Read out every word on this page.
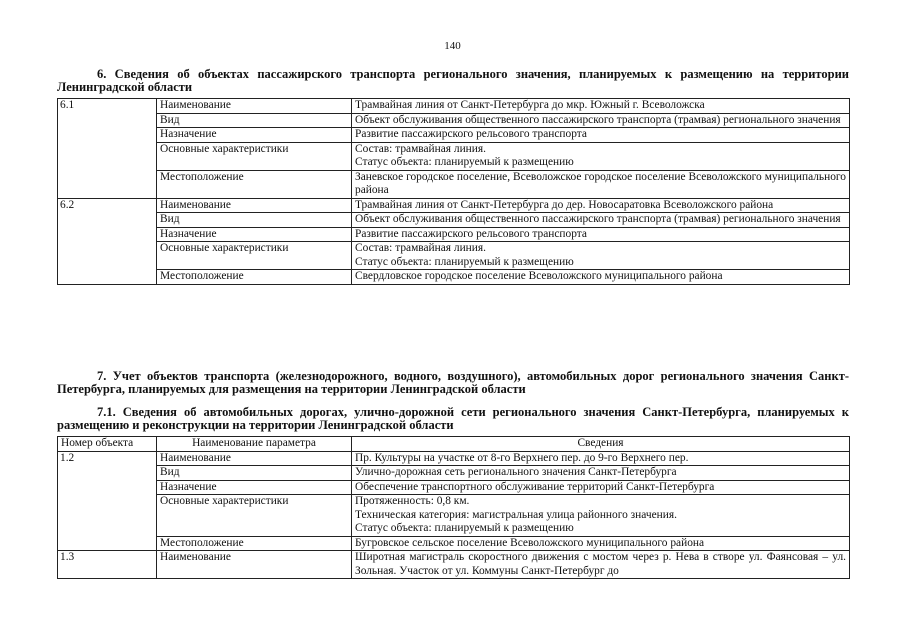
140
6. Сведения об объектах пассажирского транспорта регионального значения, планируемых к размещению на территории Ленинградской области
6.1	Наименование	Трамвайная линия от Санкт-Петербурга до мкр. Южный г. Всеволожска

	Вид	Объект обслуживания общественного пассажирского транспорта (трамвая) регионального значения

	Назначение	Развитие пассажирского рельсового транспорта

	Основные характеристики	Состав: трамвайная линия.
Статус объекта: планируемый к размещению

	Местоположение	Заневское городское поселение, Всеволожское городское поселение Всеволожского муниципального района

6.2	Наименование	Трамвайная линия от Санкт-Петербурга до дер. Новосаратовка Всеволожского района

	Вид	Объект обслуживания общественного пассажирского транспорта (трамвая) регионального значения

	Назначение	Развитие пассажирского рельсового транспорта

	Основные характеристики	Состав: трамвайная линия.
Статус объекта: планируемый к размещению

	Местоположение	Свердловское городское поселение Всеволожского муниципального района
7. Учет объектов транспорта (железнодорожного, водного, воздушного), автомобильных дорог регионального значения Санкт-Петербурга, планируемых для размещения на территории Ленинградской области
7.1. Сведения об автомобильных дорогах, улично-дорожной сети регионального значения Санкт-Петербурга, планируемых к размещению и реконструкции на территории Ленинградской области
Номер объекта	Наименование параметра	Сведения
1.2	Наименование	Пр. Культуры на участке от 8-го Верхнего пер. до 9-го Верхнего пер.

	Вид	Улично-дорожная сеть регионального значения Санкт-Петербурга

	Назначение	Обеспечение транспортного обслуживание территорий Санкт-Петербурга

	Основные характеристики	Протяженность: 0,8 км.
Техническая категория: магистральная улица районного значения.
Статус объекта: планируемый к размещению

	Местоположение	Бугровское сельское поселение Всеволожского муниципального района

1.3	Наименование	Широтная магистраль скоростного движения с мостом через р. Нева в створе ул. Фаянсовая – ул. Зольная. Участок от ул. Коммуны Санкт-Петербург до
